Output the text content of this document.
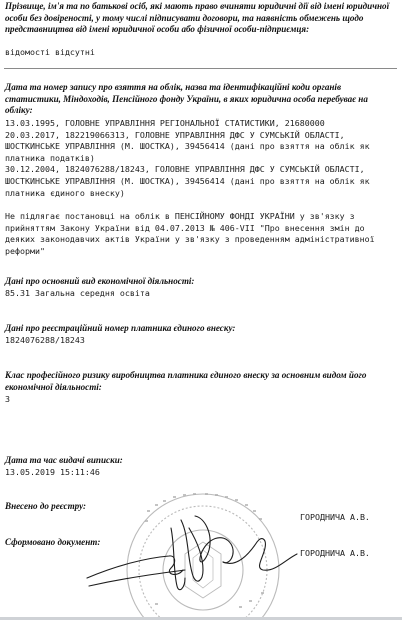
Прізвище, ім'я та по батькові осіб, які мають право вчиняти юридичні дії від імені юридичної особи без довіреності, у тому числі підписувати договори, та наявність обмежень щодо представництва від імені юридичної особи або фізичної особи-підприємця:
відомості відсутні
Дата та номер запису про взяття на облік, назва та ідентифікаційні коди органів статистики, Міндоходів, Пенсійного фонду України, в яких юридична особа перебуває на обліку:
13.03.1995, ГОЛОВНЕ УПРАВЛІННЯ РЕГІОНАЛЬНОЇ СТАТИСТИКИ, 21680000
20.03.2017, 182219066313, ГОЛОВНЕ УПРАВЛІННЯ ДФС У СУМСЬКІЙ ОБЛАСТІ, ШОСТКИНСЬКЕ УПРАВЛІННЯ (М. ШОСТКА), 39456414 (дані про взяття на облік як платника податків)
30.12.2004, 1824076288/18243, ГОЛОВНЕ УПРАВЛІННЯ ДФС У СУМСЬКІЙ ОБЛАСТІ, ШОСТКИНСЬКЕ УПРАВЛІННЯ (М. ШОСТКА), 39456414 (дані про взяття на облік як платника єдиного внеску)
Не підлягає постановці на облік в ПЕНСІЙНОМУ ФОНДІ УКРАЇНИ у зв'язку з прийняттям Закону України від 04.07.2013 № 406-VII "Про внесення змін до деяких законодавчих актів України у зв'язку з проведенням адміністративної реформи"
Дані про основний вид економічної діяльності:
85.31 Загальна середня освіта
Дані про реєстраційний номер платника єдиного внеску:
1824076288/18243
Клас професійного ризику виробництва платника єдиного внеску за основним видом його економічної діяльності:
3
Дата та час видачі виписки:
13.05.2019 15:11:46
Внесено до реєстру:
ГОРОДНИЧА А.В.
Сформовано документ:
ГОРОДНИЧА А.В.
